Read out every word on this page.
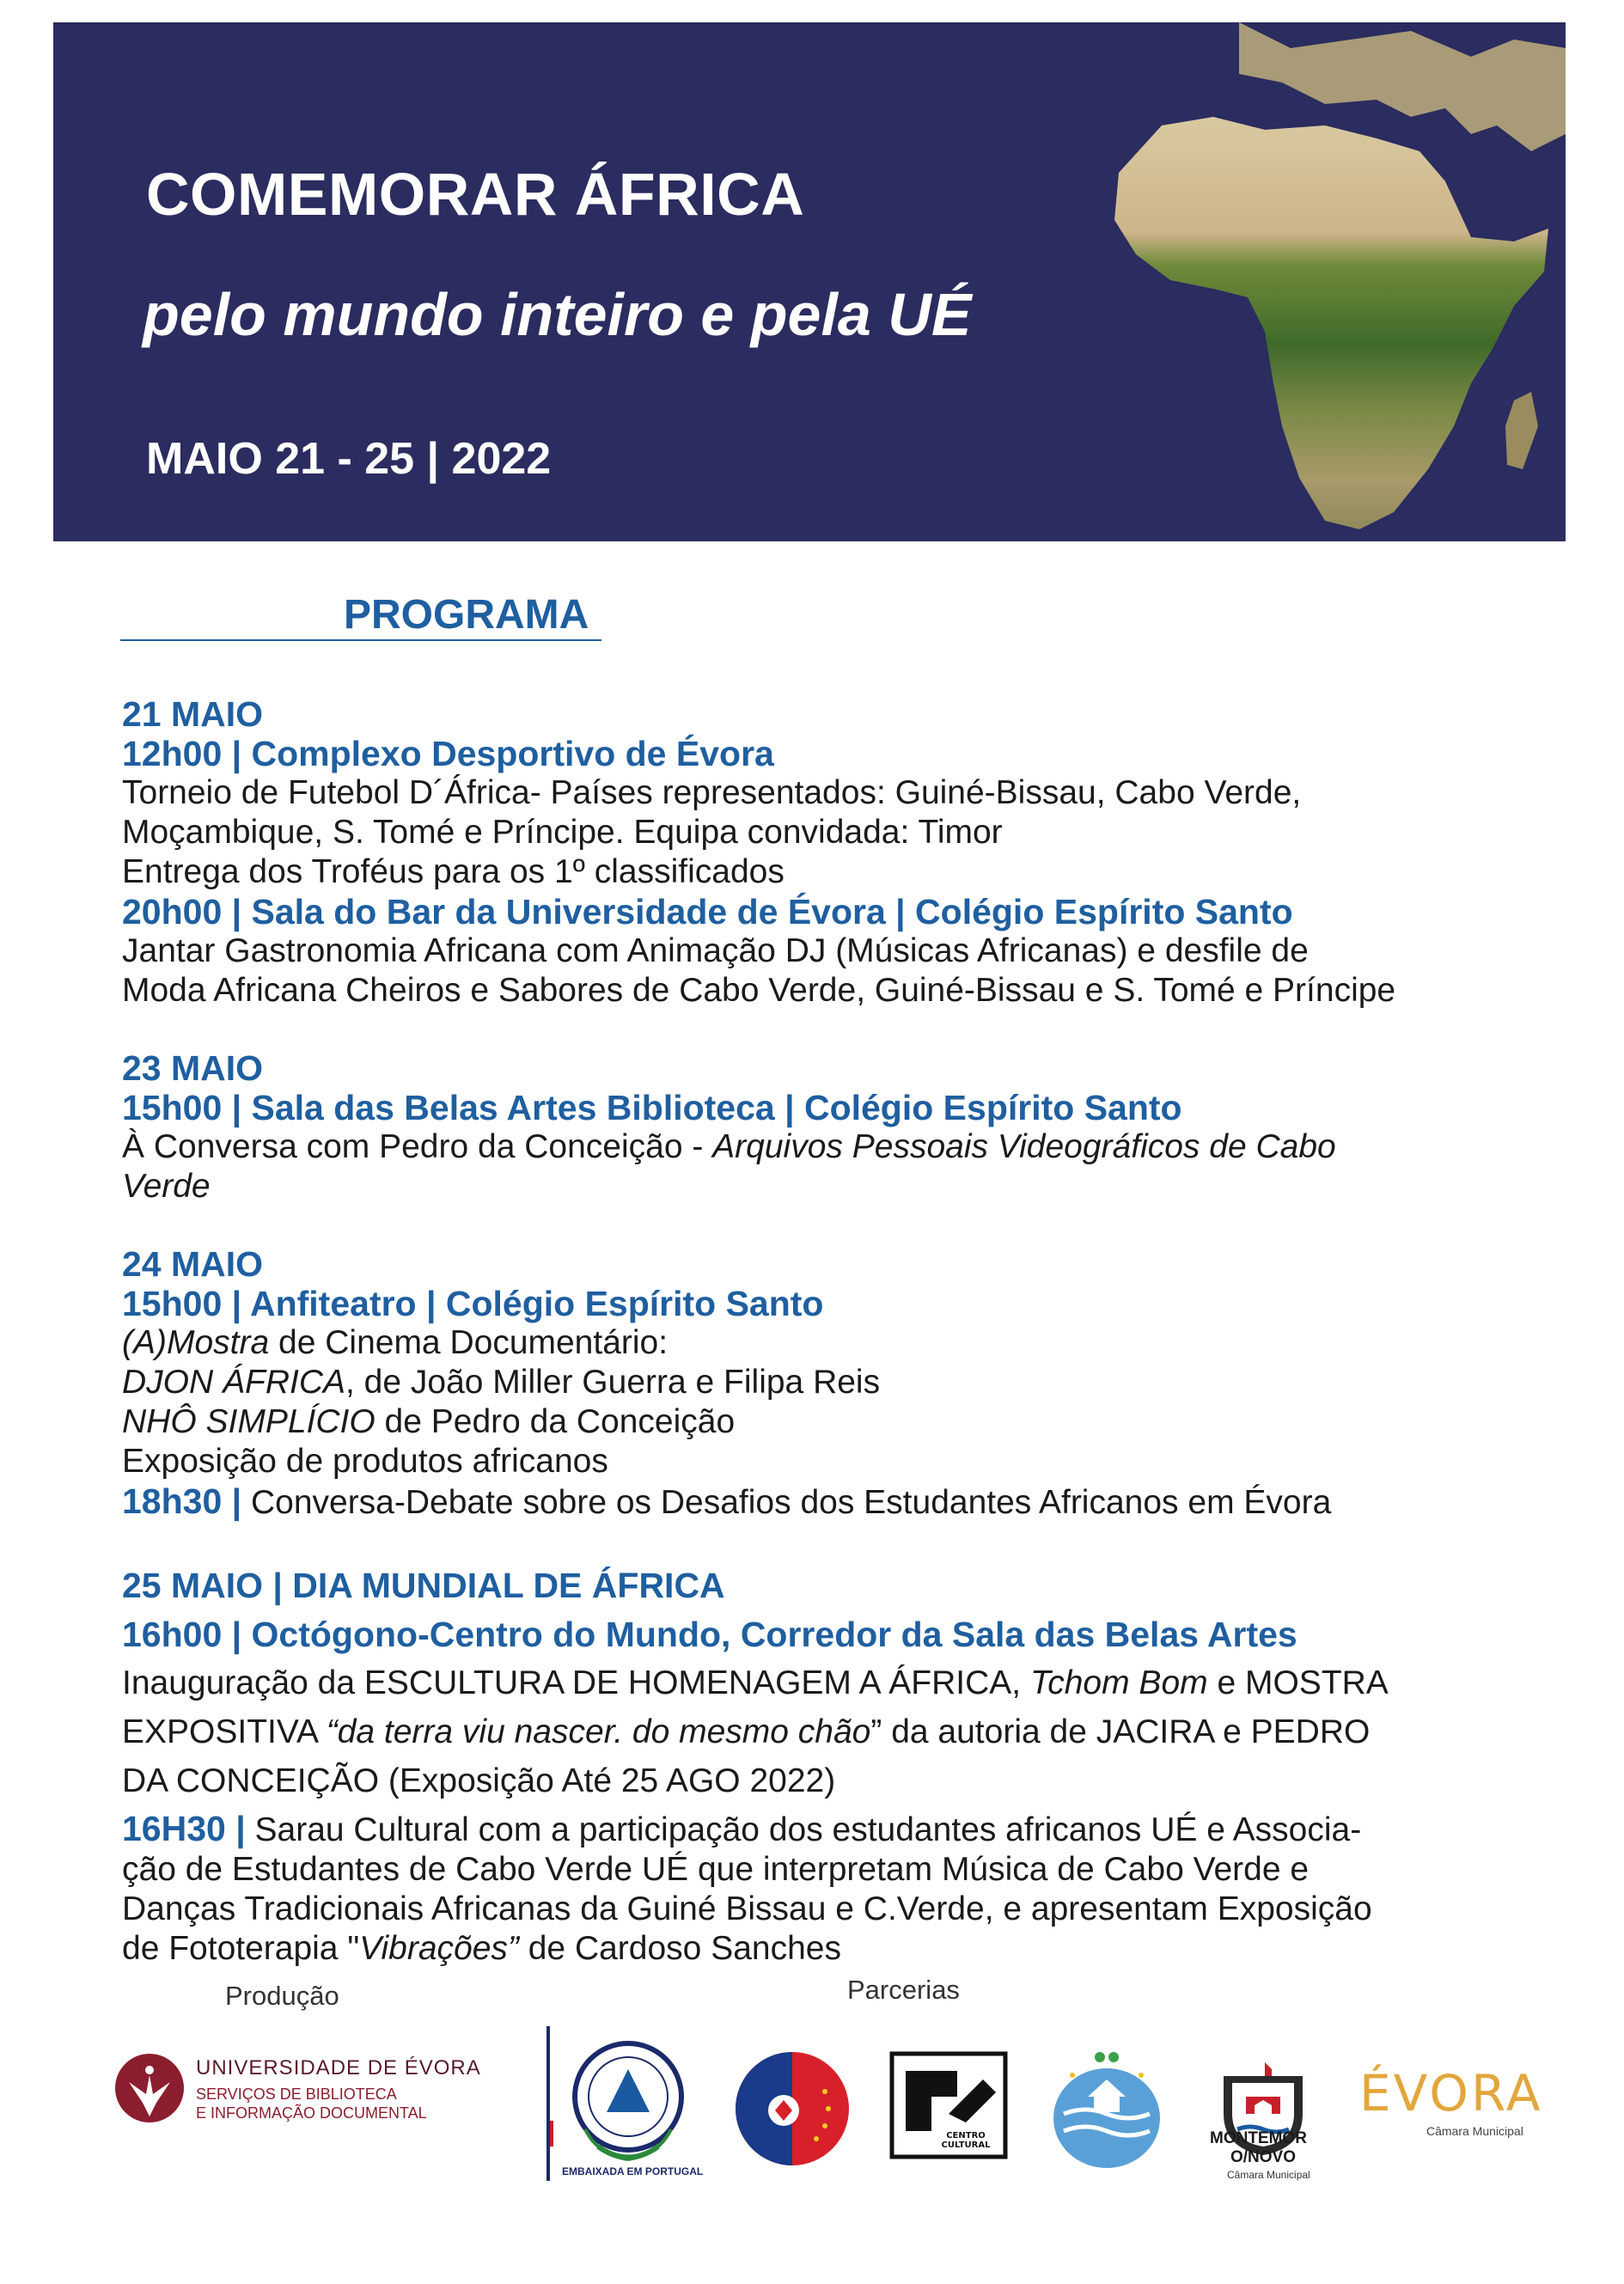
COMEMORAR ÁFRICA
pelo mundo inteiro e pela UÉ

MAIO 21 - 25 | 2022

PROGRAMA
21 MAIO
12h00 | Complexo Desportivo de Évora
Torneio de Futebol D´África- Países representados: Guiné-Bissau, Cabo Verde,
Moçambique, S. Tomé e Príncipe. Equipa convidada: Timor
Entrega dos Troféus para os 1º classificados
20h00 | Sala do Bar da Universidade de Évora | Colégio Espírito Santo
Jantar Gastronomia Africana com Animação DJ (Músicas Africanas) e desfile de
Moda Africana Cheiros e Sabores de Cabo Verde, Guiné-Bissau e S. Tomé e Príncipe
23 MAIO
15h00 | Sala das Belas Artes Biblioteca | Colégio Espírito Santo
À Conversa com Pedro da Conceição - Arquivos Pessoais Videográficos de Cabo
Verde
24 MAIO
15h00 | Anfiteatro | Colégio Espírito Santo
(A)Mostra de Cinema Documentário:
DJON ÁFRICA, de João Miller Guerra e Filipa Reis
NHÔ SIMPLÍCIO de Pedro da Conceição
Exposição de produtos africanos
18h30 | Conversa-Debate sobre os Desafios dos Estudantes Africanos em Évora
25 MAIO | DIA MUNDIAL DE ÁFRICA
16h00 | Octógono-Centro do Mundo, Corredor da Sala das Belas Artes
Inauguração da ESCULTURA DE HOMENAGEM A ÁFRICA, Tchom Bom e MOSTRA
EXPOSITIVA “da terra viu nascer. do mesmo chão” da autoria de JACIRA e PEDRO
DA CONCEIÇÃO (Exposição Até 25 AGO 2022)
16H30 | Sarau Cultural com a participação dos estudantes africanos UÉ e Associa-
ção de Estudantes de Cabo Verde UÉ que interpretam Música de Cabo Verde e
Danças Tradicionais Africanas da Guiné Bissau e C.Verde, e apresentam Exposição
de Fototerapia "Vibrações” de Cardoso Sanches

Produção	Parcerias

UNIVERSIDADE DE ÉVORA
SERVIÇOS DE BIBLIOTECA
E INFORMAÇÃO DOCUMENTAL
EMBAIXADA EM PORTUGAL
CENTRO
CULTURAL	MONTEMOR
O/NOVO
Câmara Municipal

ÉVORA

Câmara Municipal
